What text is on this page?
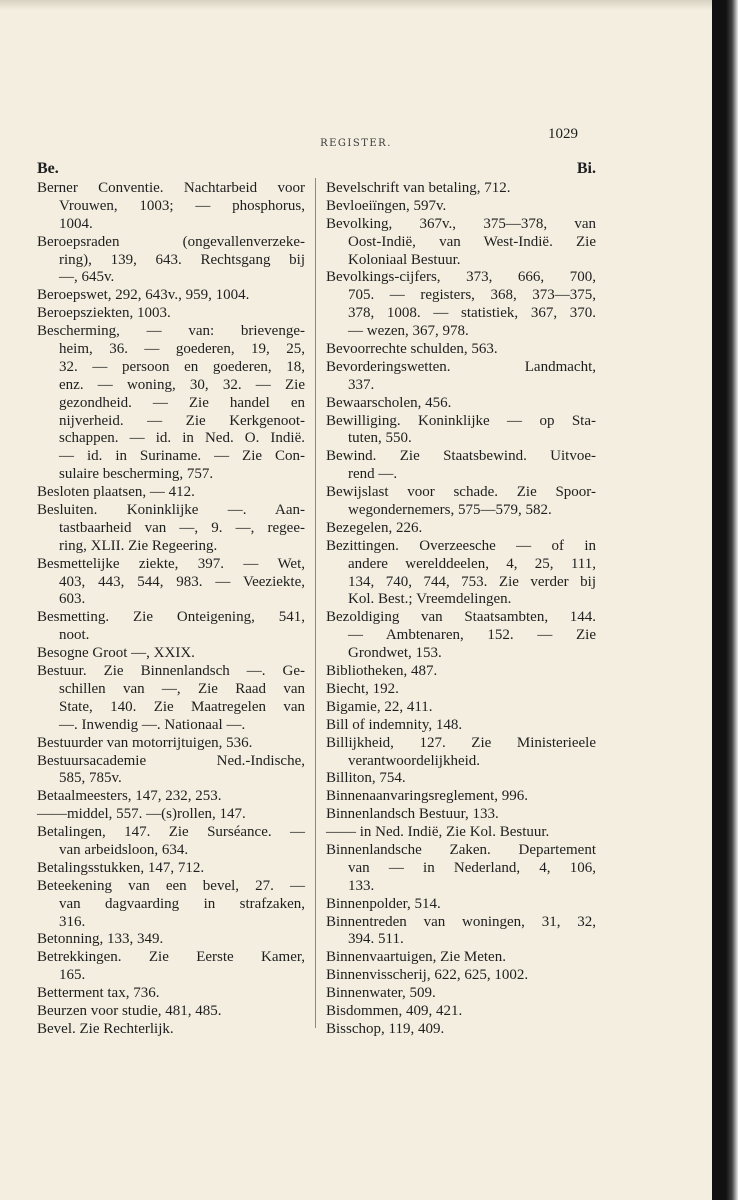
REGISTER.
1029
Be.
Berner Conventie. Nachtarbeid voor
Vrouwen, 1003; — phosphorus,
1004.
Beroepsraden (ongevallenverzeke-
ring), 139, 643. Rechtsgang bij
—, 645v.
Beroepswet, 292, 643v., 959, 1004.
Beroepsziekten, 1003.
Bescherming, — van: brievenge-
heim, 36. — goederen, 19, 25,
32. — persoon en goederen, 18,
enz. — woning, 30, 32. — Zie
gezondheid. — Zie handel en
nijverheid. — Zie Kerkgenoot-
schappen. — id. in Ned. O. Indië.
— id. in Suriname. — Zie Con-
sulaire bescherming, 757.
Besloten plaatsen, — 412.
Besluiten. Koninklijke —. Aan-
tastbaarheid van —, 9. —, regee-
ring, XLII. Zie Regeering.
Besmettelijke ziekte, 397. — Wet,
403, 443, 544, 983. — Veeziekte,
603.
Besmetting. Zie Onteigening, 541,
noot.
Besogne Groot —, XXIX.
Bestuur. Zie Binnenlandsch —. Ge-
schillen van —, Zie Raad van
State, 140. Zie Maatregelen van
—. Inwendig —. Nationaal —.
Bestuurder van motorrijtuigen, 536.
Bestuursacademie Ned.-Indische,
585, 785v.
Betaalmeesters, 147, 232, 253.
——middel, 557. —(s)rollen, 147.
Betalingen, 147. Zie Surséance. —
van arbeidsloon, 634.
Betalingsstukken, 147, 712.
Beteekening van een bevel, 27. —
van dagvaarding in strafzaken,
316.
Betonning, 133, 349.
Betrekkingen. Zie Eerste Kamer,
165.
Betterment tax, 736.
Beurzen voor studie, 481, 485.
Bevel. Zie Rechterlijk.
Bi.
Bevelschrift van betaling, 712.
Bevloeiïngen, 597v.
Bevolking, 367v., 375—378, van
Oost-Indië, van West-Indië. Zie
Koloniaal Bestuur.
Bevolkings-cijfers, 373, 666, 700,
705. — registers, 368, 373—375,
378, 1008. — statistiek, 367, 370.
— wezen, 367, 978.
Bevoorrechte schulden, 563.
Bevorderingswetten. Landmacht,
337.
Bewaarscholen, 456.
Bewilliging. Koninklijke — op Sta-
tuten, 550.
Bewind. Zie Staatsbewind. Uitvoe-
rend —.
Bewijslast voor schade. Zie Spoor-
wegondernemers, 575—579, 582.
Bezegelen, 226.
Bezittingen. Overzeesche — of in
andere werelddeelen, 4, 25, 111,
134, 740, 744, 753. Zie verder bij
Kol. Best.; Vreemdelingen.
Bezoldiging van Staatsambten, 144.
— Ambtenaren, 152. — Zie
Grondwet, 153.
Bibliotheken, 487.
Biecht, 192.
Bigamie, 22, 411.
Bill of indemnity, 148.
Billijkheid, 127. Zie Ministerieele
verantwoordelijkheid.
Billiton, 754.
Binnenaanvaringsreglement, 996.
Binnenlandsch Bestuur, 133.
—— in Ned. Indië, Zie Kol. Bestuur.
Binnenlandsche Zaken. Departement
van — in Nederland, 4, 106,
133.
Binnenpolder, 514.
Binnentreden van woningen, 31, 32,
394. 511.
Binnenvaartuigen, Zie Meten.
Binnenvisscherij, 622, 625, 1002.
Binnenwater, 509.
Bisdommen, 409, 421.
Bisschop, 119, 409.
